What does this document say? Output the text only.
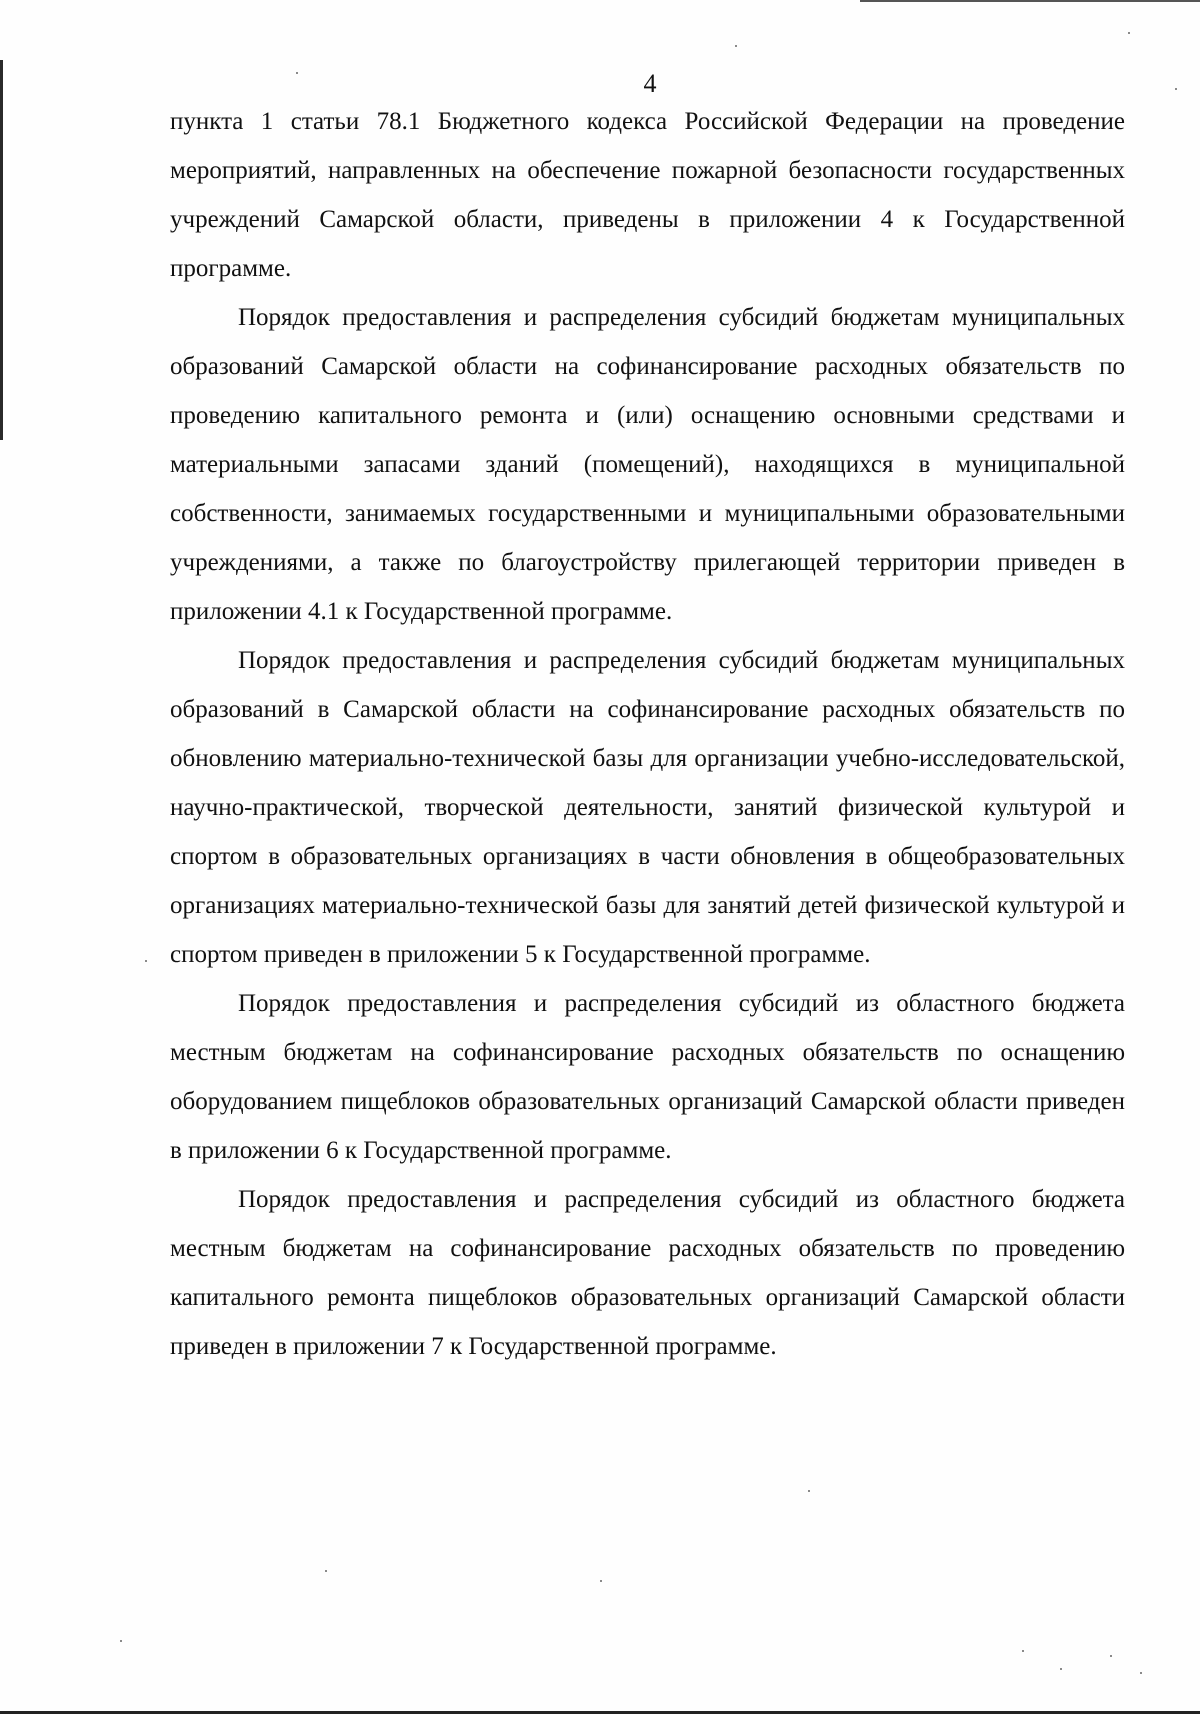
4

пункта 1 статьи 78.1 Бюджетного кодекса Российской Федерации на проведение мероприятий, направленных на обеспечение пожарной безопасности государственных учреждений Самарской области, приведены в приложении 4 к Государственной программе.

Порядок предоставления и распределения субсидий бюджетам муниципальных образований Самарской области на софинансирование расходных обязательств по проведению капитального ремонта и (или) оснащению основными средствами и материальными запасами зданий (помещений), находящихся в муниципальной собственности, занимаемых государственными и муниципальными образовательными учреждениями, а также по благоустройству прилегающей территории приведен в приложении 4.1 к Государственной программе.

Порядок предоставления и распределения субсидий бюджетам муниципальных образований в Самарской области на софинансирование расходных обязательств по обновлению материально-технической базы для организации учебно-исследовательской, научно-практической, творческой деятельности, занятий физической культурой и спортом в образовательных организациях в части обновления в общеобразовательных организациях материально-технической базы для занятий детей физической культурой и спортом приведен в приложении 5 к Государственной программе.

Порядок предоставления и распределения субсидий из областного бюджета местным бюджетам на софинансирование расходных обязательств по оснащению оборудованием пищеблоков образовательных организаций Самарской области приведен в приложении 6 к Государственной программе.

Порядок предоставления и распределения субсидий из областного бюджета местным бюджетам на софинансирование расходных обязательств по проведению капитального ремонта пищеблоков образовательных организаций Самарской области приведен в приложении 7 к Государственной программе.
